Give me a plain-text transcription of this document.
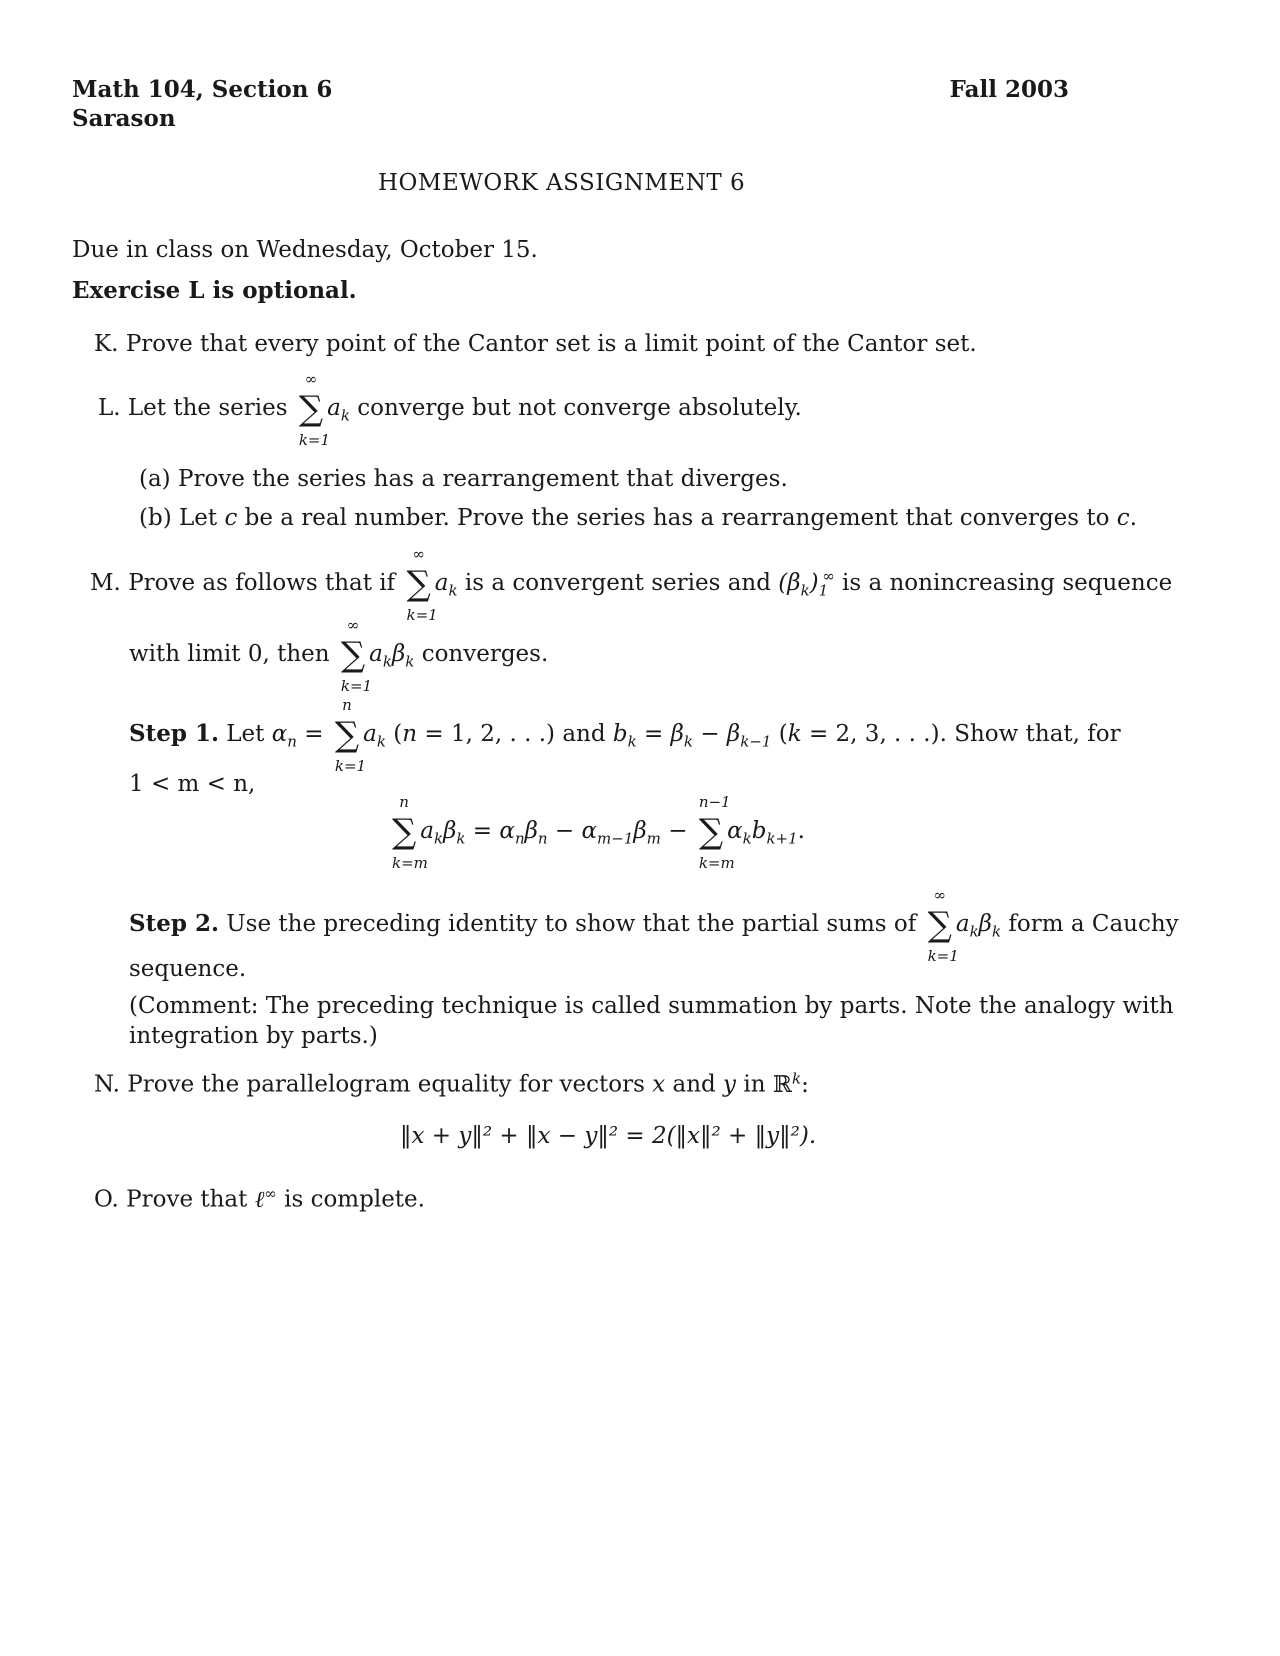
Math 104, Section 6
Sarason
Fall 2003
HOMEWORK ASSIGNMENT 6
Due in class on Wednesday, October 15.
Exercise L is optional.
K. Prove that every point of the Cantor set is a limit point of the Cantor set.
L. Let the series
∞
∑
k=1
$a_k$ converge but not converge absolutely.
(a) Prove the series has a rearrangement that diverges.
(b) Let c be a real number. Prove the series has a rearrangement that converges to c.
M. Prove as follows that if
∞
∑
k=1
$a_k$ is a convergent series and $(\beta_k)_1^\infty$ is a nonincreasing sequence
with limit 0, then
∞
∑
k=1
$a_k\beta_k$ converges.
Step 1. Let $\alpha_n$ =
n
∑
k=1
$a_k$ (n = 1, 2, . . .) and $b_k = \beta_k - \beta_{k-1}$ (k = 2, 3, . . .). Show that, for
1 < m < n,
n
∑
k=m
$a_k\beta_k = \alpha_n\beta_n - \alpha_{m-1}\beta_m$ −
n−1
∑
k=m
$\alpha_kb_{k+1}$.
Step 2. Use the preceding identity to show that the partial sums of
∞
∑
k=1
$a_k\beta_k$ form a Cauchy
sequence.
(Comment: The preceding technique is called summation by parts. Note the analogy with
integration by parts.)
N. Prove the parallelogram equality for vectors x and y in ℝ$^k$:
‖x + y‖² + ‖x − y‖² = 2(‖x‖² + ‖y‖²).
O. Prove that ℓ∞ is complete.
